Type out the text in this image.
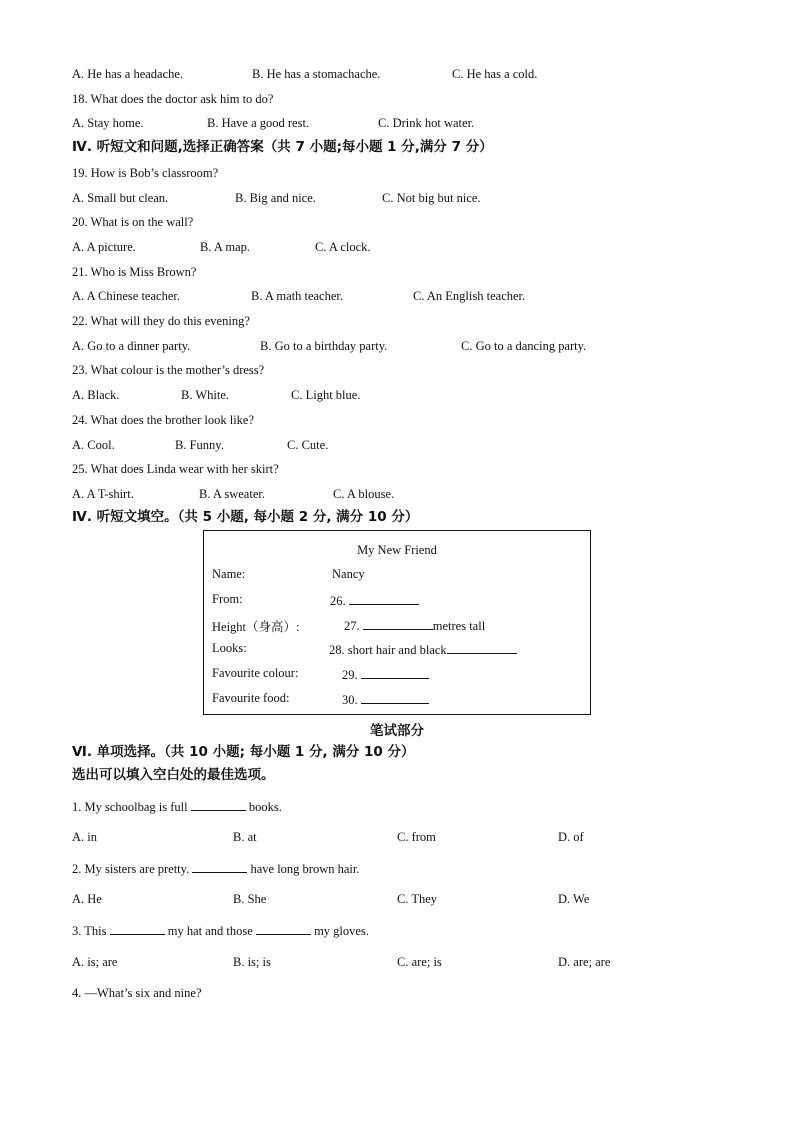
A. He has a headache.	B. He has a stomachache.	C. He has a cold.
18. What does the doctor ask him to do?
A. Stay home.	B. Have a good rest.	C. Drink hot water.
Ⅳ. 听短文和问题,选择正确答案（共 7 小题;每小题 1 分,满分 7 分）
19. How is Bob’s classroom?
A. Small but clean.	B. Big and nice.	C. Not big but nice.
20. What is on the wall?
A. A picture.	B. A map.	C. A clock.
21. Who is Miss Brown?
A. A Chinese teacher.	B. A math teacher.	C. An English teacher.
22. What will they do this evening?
A. Go to a dinner party.	B. Go to a birthday party.	C. Go to a dancing party.
23. What colour is the mother’s dress?
A. Black.	B. White.	C. Light blue.
24. What does the brother look like?
A. Cool.	B. Funny.	C. Cute.
25. What does Linda wear with her skirt?
A. A T-shirt.	B. A sweater.	C. A blouse.
Ⅳ. 听短文填空。（共 5 小题, 每小题 2 分, 满分 10 分）
My New Friend
Name:	Nancy
From:	26.
Height（身高）:	27.	metres tall
Looks:	28. short hair and black
Favourite colour:	29.
Favourite food:	30.
笔试部分
Ⅵ. 单项选择。（共 10 小题; 每小题 1 分, 满分 10 分）
选出可以填入空白处的最佳选项。
1. My schoolbag is full	books.
A. in	B. at	C. from	D. of
2. My sisters are pretty.	have long brown hair.
A. He	B. She	C. They	D. We
3. This	my hat and those	my gloves.
A. is; are	B. is; is	C. are; is	D. are; are
4. —What’s six and nine?
